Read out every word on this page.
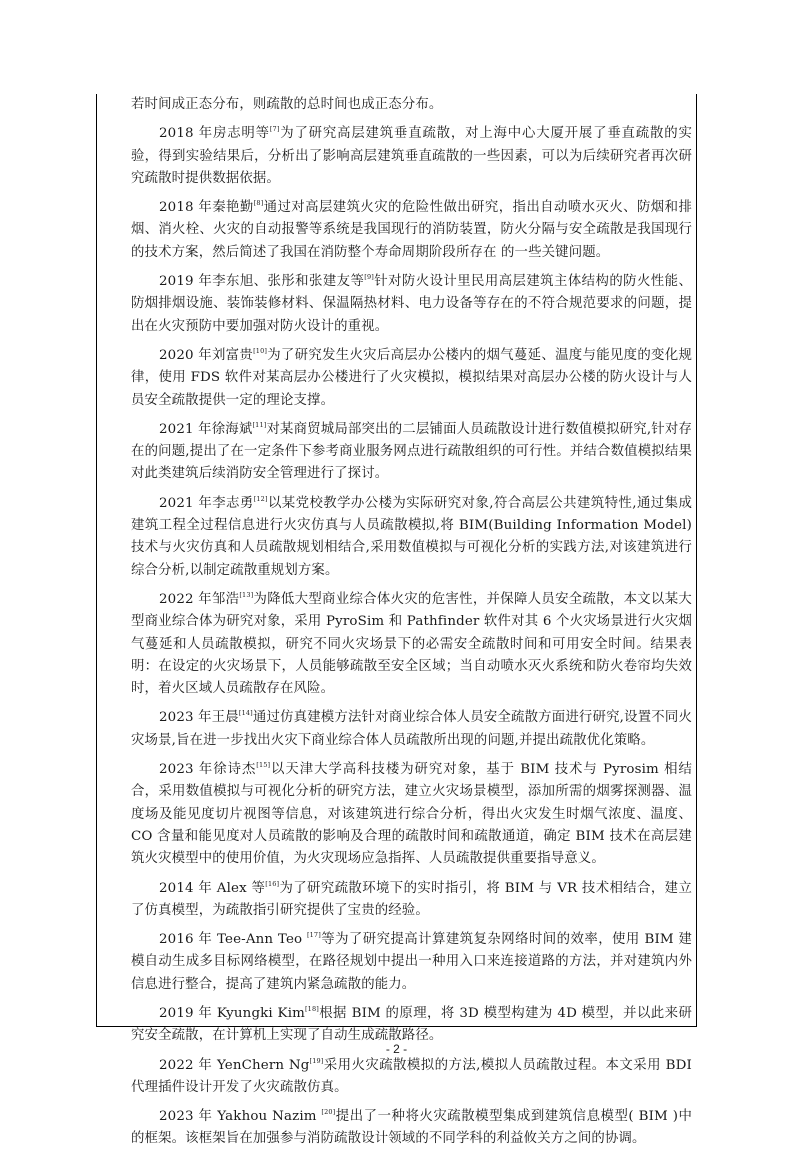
若时间成正态分布，则疏散的总时间也成正态分布。

2018 年房志明等[7]为了研究高层建筑垂直疏散，对上海中心大厦开展了垂直疏散的实验，得到实验结果后，分析出了影响高层建筑垂直疏散的一些因素，可以为后续研究者再次研究疏散时提供数据依据。

2018 年秦艳勤[8]通过对高层建筑火灾的危险性做出研究，指出自动喷水灭火、防烟和排烟、消火栓、火灾的自动报警等系统是我国现行的消防装置，防火分隔与安全疏散是我国现行的技术方案，然后简述了我国在消防整个寿命周期阶段所存在 的一些关键问题。

2019 年李东旭、张彤和张建友等[9]针对防火设计里民用高层建筑主体结构的防火性能、防烟排烟设施、装饰装修材料、保温隔热材料、电力设备等存在的不符合规范要求的问题，提出在火灾预防中要加强对防火设计的重视。

2020 年刘富贵[10]为了研究发生火灾后高层办公楼内的烟气蔓延、温度与能见度的变化规律，使用 FDS 软件对某高层办公楼进行了火灾模拟，模拟结果对高层办公楼的防火设计与人员安全疏散提供一定的理论支撑。

2021 年徐海斌[11]对某商贸城局部突出的二层铺面人员疏散设计进行数值模拟研究,针对存在的问题,提出了在一定条件下参考商业服务网点进行疏散组织的可行性。并结合数值模拟结果对此类建筑后续消防安全管理进行了探讨。

2021 年李志勇[12]以某党校教学办公楼为实际研究对象,符合高层公共建筑特性,通过集成建筑工程全过程信息进行火灾仿真与人员疏散模拟,将 BIM(Building Information Model)技术与火灾仿真和人员疏散规划相结合,采用数值模拟与可视化分析的实践方法,对该建筑进行综合分析,以制定疏散重规划方案。

2022 年邹浩[13]为降低大型商业综合体火灾的危害性，并保障人员安全疏散，本文以某大型商业综合体为研究对象，采用 PyroSim 和 Pathfinder 软件对其 6 个火灾场景进行火灾烟气蔓延和人员疏散模拟，研究不同火灾场景下的必需安全疏散时间和可用安全时间。结果表明：在设定的火灾场景下，人员能够疏散至安全区域；当自动喷水灭火系统和防火卷帘均失效时，着火区域人员疏散存在风险。

2023 年王晨[14]通过仿真建模方法针对商业综合体人员安全疏散方面进行研究,设置不同火灾场景,旨在进一步找出火灾下商业综合体人员疏散所出现的问题,并提出疏散优化策略。

2023 年徐诗杰[15]以天津大学高科技楼为研究对象，基于 BIM 技术与 Pyrosim 相结合，采用数值模拟与可视化分析的研究方法，建立火灾场景模型，添加所需的烟雾探测器、温度场及能见度切片视图等信息，对该建筑进行综合分析，得出火灾发生时烟气浓度、温度、CO 含量和能见度对人员疏散的影响及合理的疏散时间和疏散通道，确定 BIM 技术在高层建筑火灾模型中的使用价值，为火灾现场应急指挥、人员疏散提供重要指导意义。

2014 年 Alex 等[16]为了研究疏散环境下的实时指引，将 BIM 与 VR 技术相结合，建立了仿真模型，为疏散指引研究提供了宝贵的经验。

2016 年 Tee-Ann Teo [17]等为了研究提高计算建筑复杂网络时间的效率，使用 BIM 建模自动生成多目标网络模型，在路径规划中提出一种用入口来连接道路的方法，并对建筑内外信息进行整合，提高了建筑内紧急疏散的能力。

2019 年 Kyungki Kim[18]根据 BIM 的原理，将 3D 模型构建为 4D 模型，并以此来研究安全疏散，在计算机上实现了自动生成疏散路径。

2022 年 YenChern Ng[19]采用火灾疏散模拟的方法,模拟人员疏散过程。本文采用 BDI 代理插件设计开发了火灾疏散仿真。

2023 年 Yakhou Nazim [20]提出了一种将火灾疏散模型集成到建筑信息模型( BIM )中的框架。该框架旨在加强参与消防疏散设计领域的不同学科的利益攸关方之间的协调。

- 2 -
